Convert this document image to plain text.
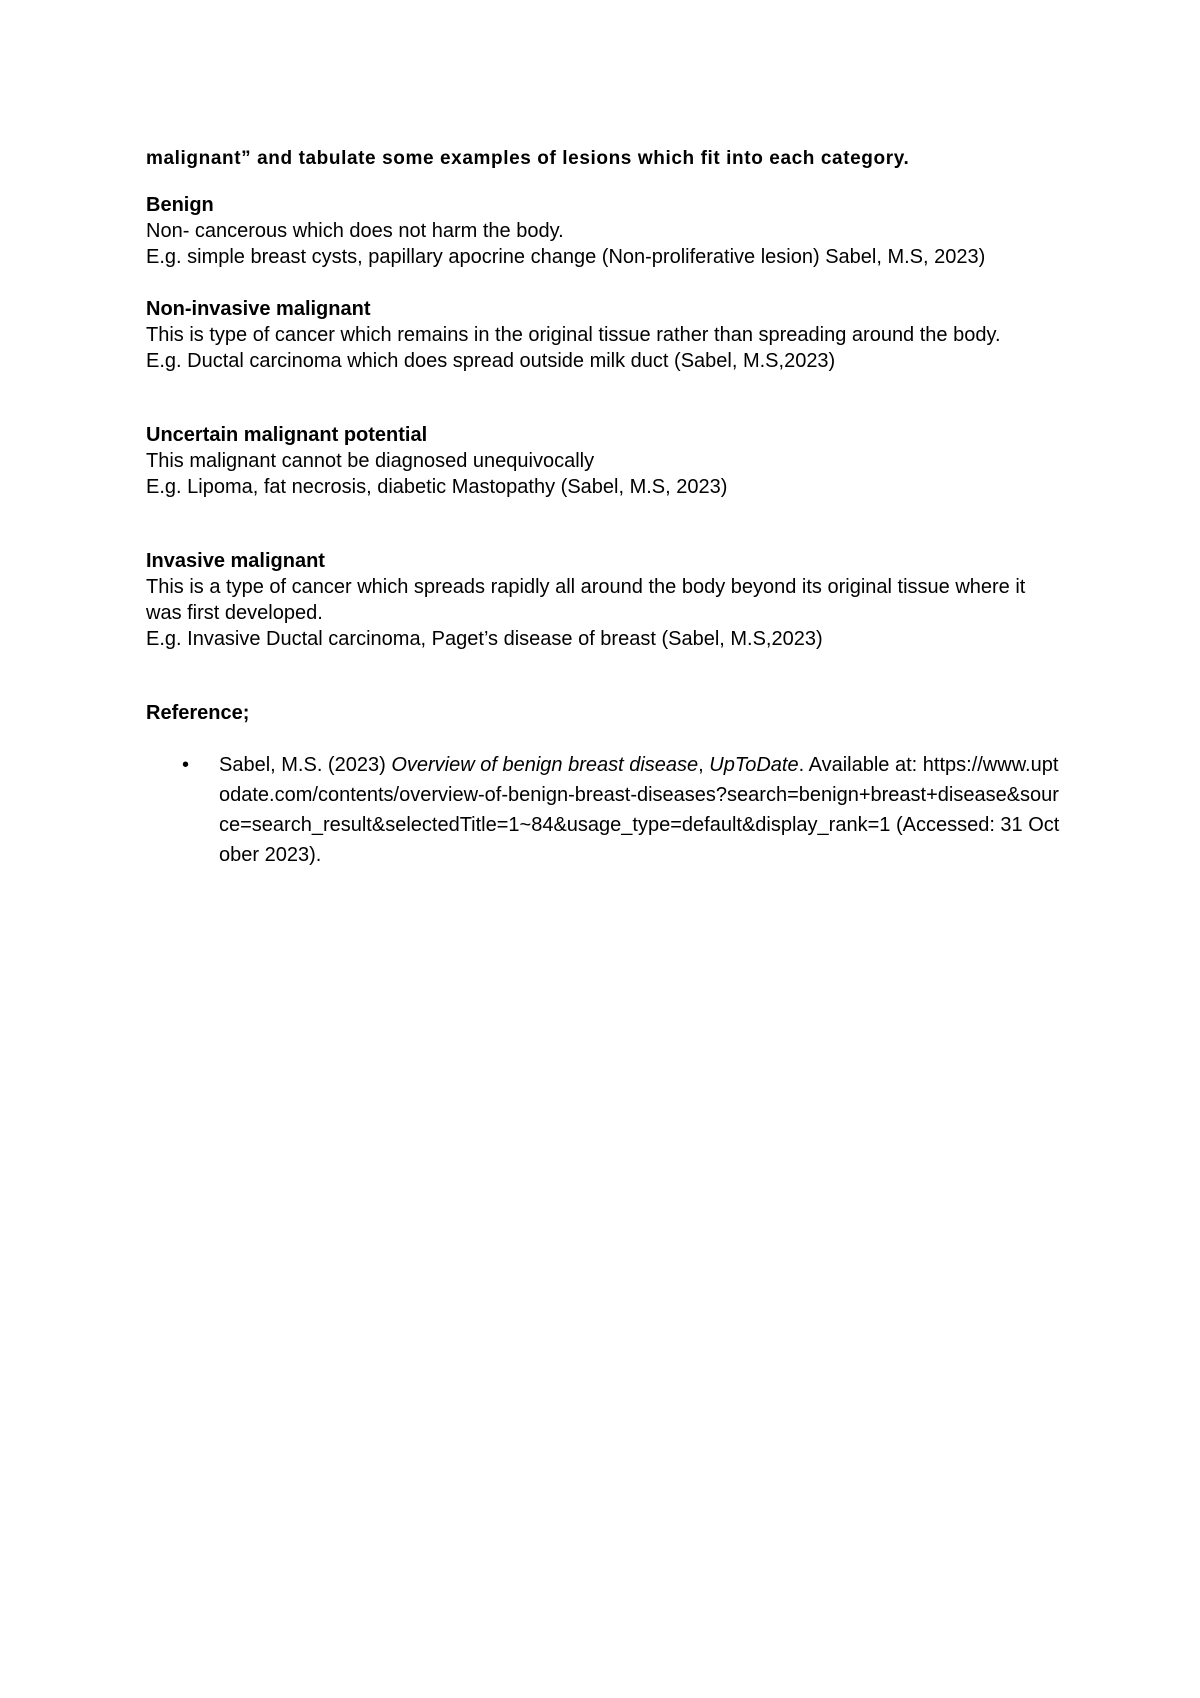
malignant” and tabulate some examples of lesions which fit into each category.

Benign

Non- cancerous which does not harm the body.

E.g. simple breast cysts, papillary apocrine change (Non-proliferative lesion) Sabel, M.S, 2023)

Non-invasive malignant

This is type of cancer which remains in the original tissue rather than spreading around the body.

E.g. Ductal carcinoma which does spread outside milk duct (Sabel, M.S,2023)

Uncertain malignant potential

This malignant cannot be diagnosed unequivocally

E.g. Lipoma, fat necrosis, diabetic Mastopathy (Sabel, M.S, 2023)

Invasive malignant

This is a type of cancer which spreads rapidly all around the body beyond its original tissue where it was first developed.

E.g. Invasive Ductal carcinoma, Paget’s disease of breast (Sabel, M.S,2023)

Reference;
• Sabel, M.S. (2023) Overview of benign breast disease, UpToDate. Available at: https://www.uptodate.com/contents/overview-of-benign-breast-diseases?search=benign+breast+disease&source=search_result&selectedTitle=1~84&usage_type=default&display_rank=1 (Accessed: 31 October 2023).
